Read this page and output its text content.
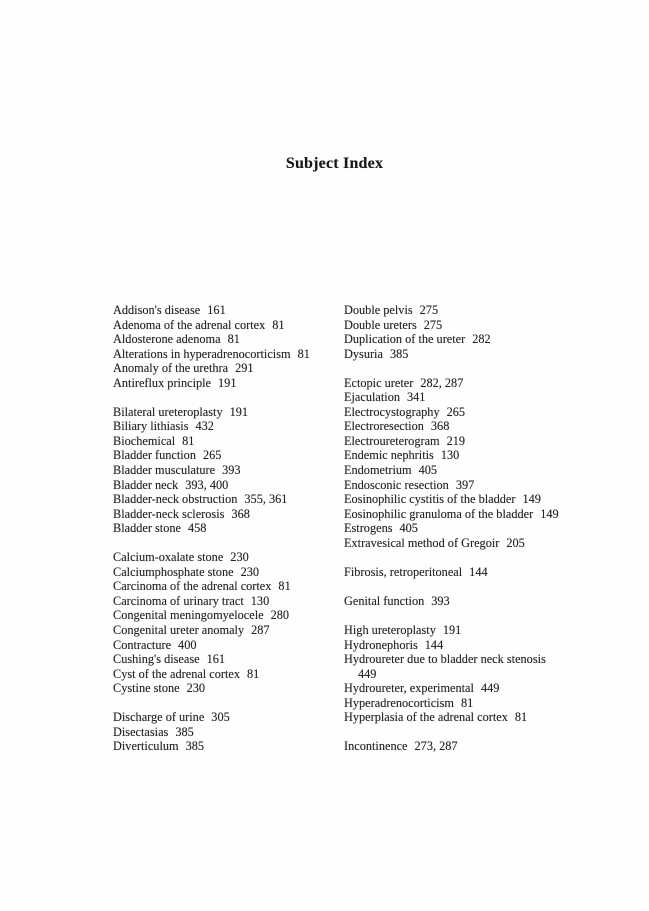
Subject Index
Addison's disease 161
Adenoma of the adrenal cortex 81
Aldosterone adenoma 81
Alterations in hyperadrenocorticism 81
Anomaly of the urethra 291
Antireflux principle 191
Bilateral ureteroplasty 191
Biliary lithiasis 432
Biochemical 81
Bladder function 265
Bladder musculature 393
Bladder neck 393, 400
Bladder-neck obstruction 355, 361
Bladder-neck sclerosis 368
Bladder stone 458
Calcium-oxalate stone 230
Calciumphosphate stone 230
Carcinoma of the adrenal cortex 81
Carcinoma of urinary tract 130
Congenital meningomyelocele 280
Congenital ureter anomaly 287
Contracture 400
Cushing's disease 161
Cyst of the adrenal cortex 81
Cystine stone 230
Discharge of urine 305
Disectasias 385
Diverticulum 385
Double pelvis 275
Double ureters 275
Duplication of the ureter 282
Dysuria 385
Ectopic ureter 282, 287
Ejaculation 341
Electrocystography 265
Electroresection 368
Electroureterogram 219
Endemic nephritis 130
Endometrium 405
Endosconic resection 397
Eosinophilic cystitis of the bladder 149
Eosinophilic granuloma of the bladder 149
Estrogens 405
Extravesical method of Gregoir 205
Fibrosis, retroperitoneal 144
Genital function 393
High ureteroplasty 191
Hydronephoris 144
Hydroureter due to bladder neck stenosis
449
Hydroureter, experimental 449
Hyperadrenocorticism 81
Hyperplasia of the adrenal cortex 81
Incontinence 273, 287
